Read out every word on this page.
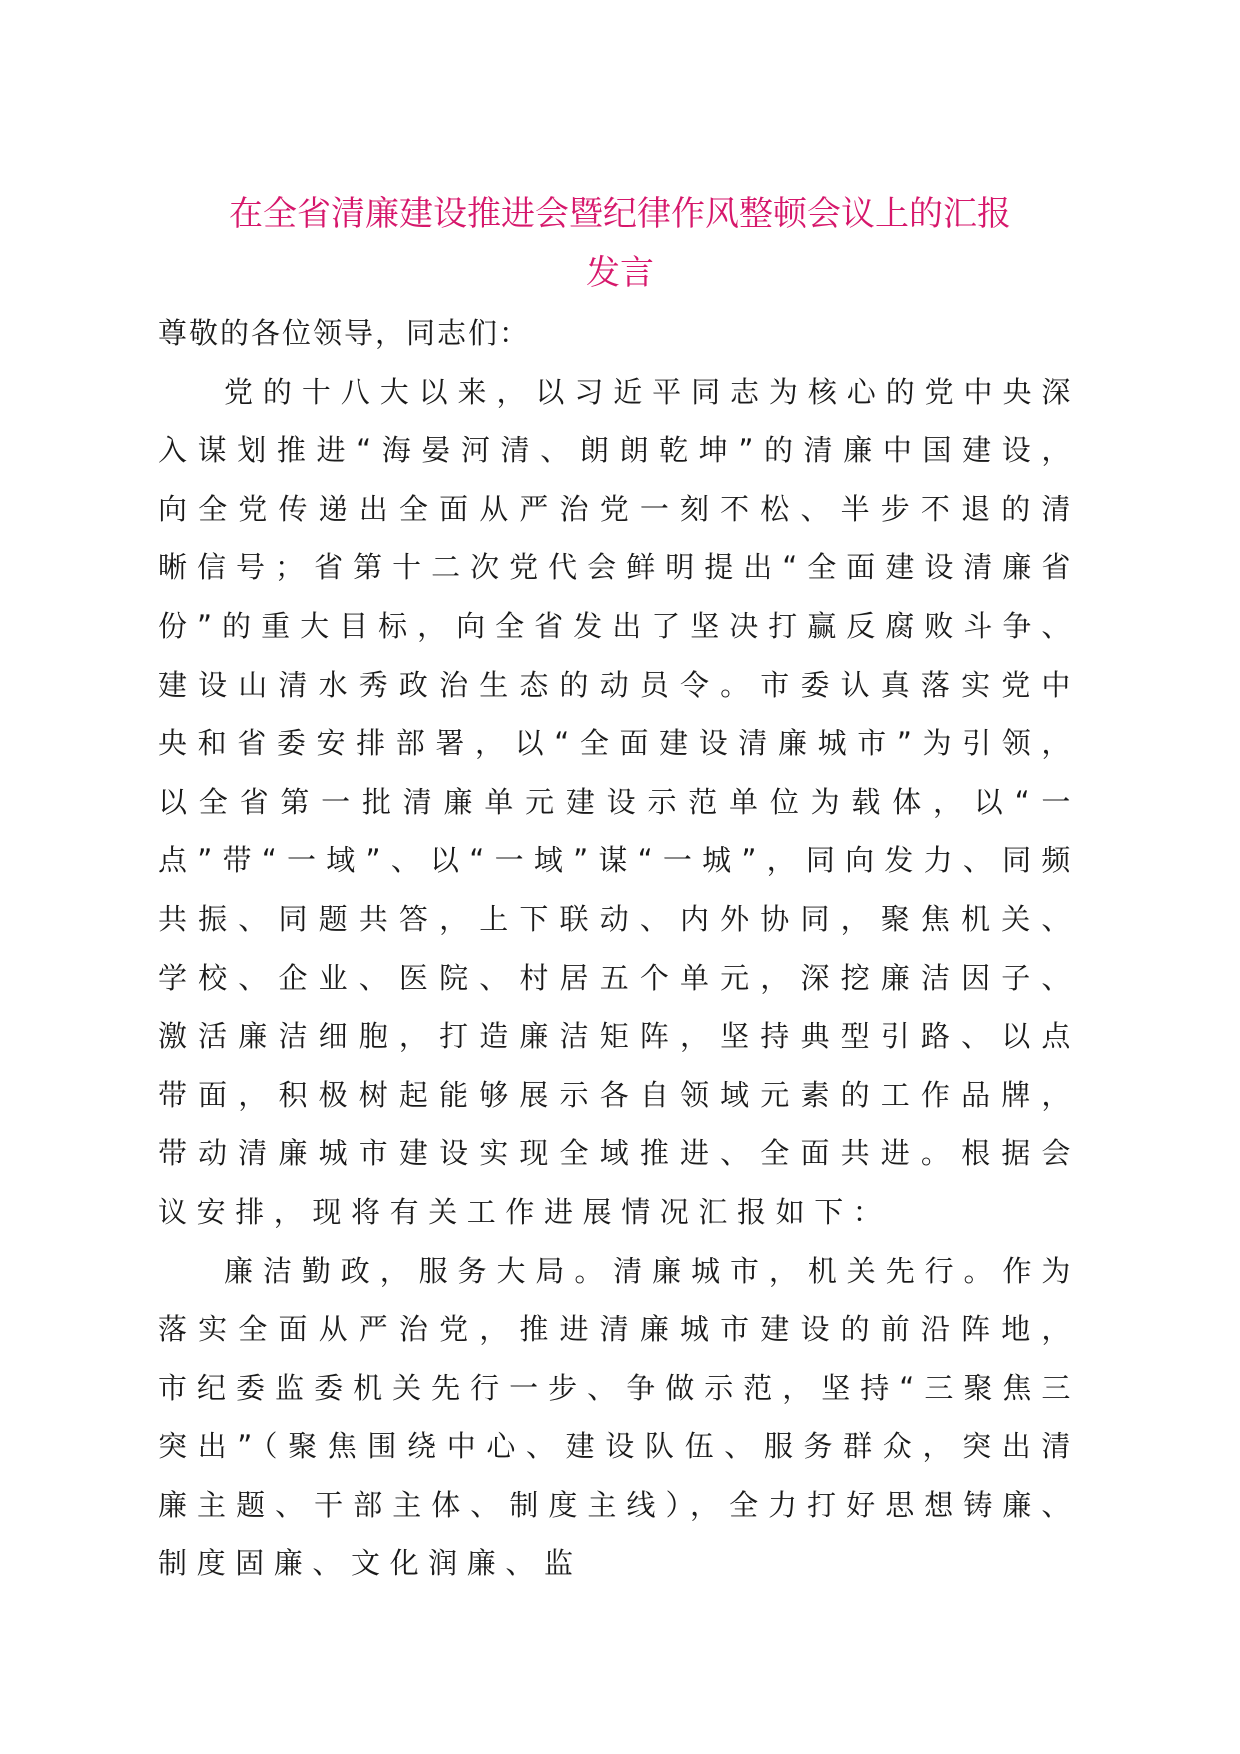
在全省清廉建设推进会暨纪律作风整顿会议上的汇报
发言

尊敬的各位领导，同志们：

党的十八大以来，以习近平同志为核心的党中央深入谋划推进“海晏河清、朗朗乾坤”的清廉中国建设，向全党传递出全面从严治党一刻不松、半步不退的清晰信号；省第十二次党代会鲜明提出“全面建设清廉省份”的重大目标，向全省发出了坚决打赢反腐败斗争、建设山清水秀政治生态的动员令。市委认真落实党中央和省委安排部署，以“全面建设清廉城市”为引领，以全省第一批清廉单元建设示范单位为载体，以“一点”带“一域”、以“一域”谋“一城”，同向发力、同频共振、同题共答，上下联动、内外协同，聚焦机关、学校、企业、医院、村居五个单元，深挖廉洁因子、激活廉洁细胞，打造廉洁矩阵，坚持典型引路、以点带面，积极树起能够展示各自领域元素的工作品牌，带动清廉城市建设实现全域推进、全面共进。根据会议安排，现将有关工作进展情况汇报如下：

廉洁勤政，服务大局。清廉城市，机关先行。作为落实全面从严治党，推进清廉城市建设的前沿阵地，市纪委监委机关先行一步、争做示范，坚持“三聚焦三突出”（聚焦围绕中心、建设队伍、服务群众，突出清廉主题、干部主体、制度主线），全力打好思想铸廉、制度固廉、文化润廉、监
